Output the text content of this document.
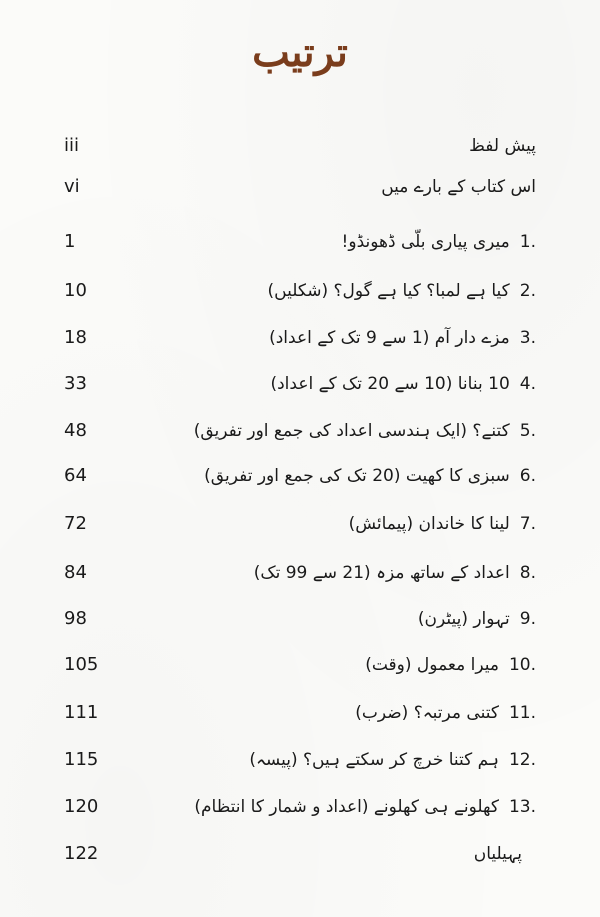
ترتیب
iii	پیش لفظ
vi	اس کتاب کے بارے میں
1	1.میری پیاری بلّی ڈھونڈو!
10	2.کیا ہے لمبا؟ کیا ہے گول؟ (شکلیں)
18	3.مزے دار آم (1 سے 9 تک کے اعداد)
33	4.10 بنانا (10 سے 20 تک کے اعداد)
48	5.کتنے؟ (ایک ہندسی اعداد کی جمع اور تفریق)
64	6.سبزی کا کھیت (20 تک کی جمع اور تفریق)
72	7.لینا کا خاندان (پیمائش)
84	8.اعداد کے ساتھ مزہ (21 سے 99 تک)
98	9.تہوار (پیٹرن)
105	10.میرا معمول (وقت)
111	11.کتنی مرتبہ؟ (ضرب)
115	12.ہم کتنا خرچ کر سکتے ہیں؟ (پیسہ)
120	13.کھلونے ہی کھلونے (اعداد و شمار کا انتظام)
122	پہیلیاں
